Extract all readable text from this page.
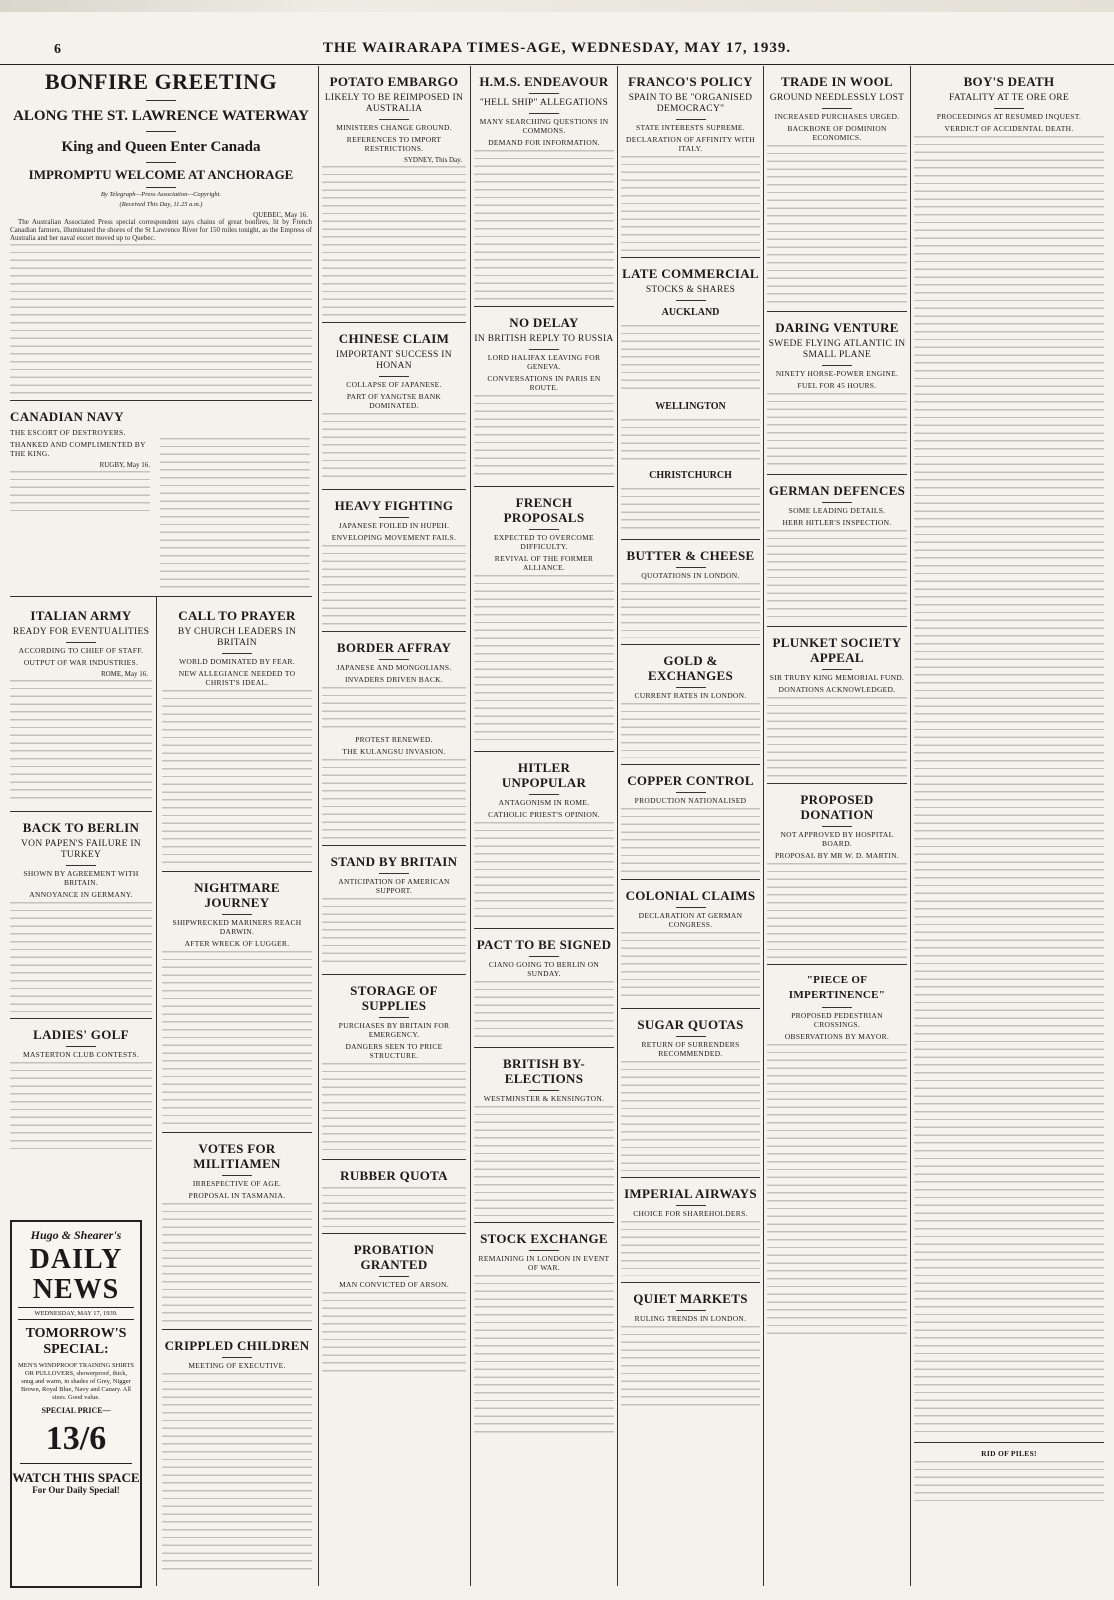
6	THE WAIRARAPA TIMES-AGE, WEDNESDAY, MAY 17, 1939.
BONFIRE GREETING
ALONG THE ST. LAWRENCE WATERWAY
King and Queen Enter Canada
IMPROMPTU WELCOME AT ANCHORAGE
By Telegraph—Press Association—Copyright.
(Received This Day, 11.25 a.m.)
QUEBEC, May 16.

The Australian Associated Press special correspondent says chains of great bonfires, lit by French Canadian farmers, illuminated the shores of the St Lawrence River for 150 miles tonight, as the Empress of Australia and her naval escort moved up to Quebec.

CANADIAN NAVY
THE ESCORT OF DESTROYERS.
THANKED AND COMPLIMENTED BY THE KING.
RUGBY, May 16.
ITALIAN ARMY
READY FOR EVENTUALITIES
ACCORDING TO CHIEF OF STAFF.
OUTPUT OF WAR INDUSTRIES.
ROME, May 16.
BACK TO BERLIN
VON PAPEN'S FAILURE IN TURKEY
SHOWN BY AGREEMENT WITH BRITAIN.
ANNOYANCE IN GERMANY.
LADIES' GOLF
MASTERTON CLUB CONTESTS.
Hugo & Shearer's
DAILY NEWS
WEDNESDAY, MAY 17, 1939.
TOMORROW'S SPECIAL:
MEN'S WINDPROOF TRAINING SHIRTS OR PULLOVERS, showerproof, thick, snug and warm, in shades of Grey, Nigger Brown, Royal Blue, Navy and Canary. All sizes. Good value.
SPECIAL PRICE—
13/6
WATCH THIS SPACE
For Our Daily Special!
CALL TO PRAYER
BY CHURCH LEADERS IN BRITAIN
WORLD DOMINATED BY FEAR.
NEW ALLEGIANCE NEEDED TO CHRIST'S IDEAL.
NIGHTMARE JOURNEY
SHIPWRECKED MARINERS REACH DARWIN.
AFTER WRECK OF LUGGER.
VOTES FOR MILITIAMEN
IRRESPECTIVE OF AGE.
PROPOSAL IN TASMANIA.
CRIPPLED CHILDREN
MEETING OF EXECUTIVE.
POTATO EMBARGO
LIKELY TO BE REIMPOSED IN AUSTRALIA
MINISTERS CHANGE GROUND.
REFERENCES TO IMPORT RESTRICTIONS.
SYDNEY, This Day.
CHINESE CLAIM
IMPORTANT SUCCESS IN HONAN
COLLAPSE OF JAPANESE.
PART OF YANGTSE BANK DOMINATED.
HEAVY FIGHTING
JAPANESE FOILED IN HUPEH.
ENVELOPING MOVEMENT FAILS.
BORDER AFFRAY
JAPANESE AND MONGOLIANS.
INVADERS DRIVEN BACK.
PROTEST RENEWED.
THE KULANGSU INVASION.
STAND BY BRITAIN
ANTICIPATION OF AMERICAN SUPPORT.
STORAGE OF SUPPLIES
PURCHASES BY BRITAIN FOR EMERGENCY.
DANGERS SEEN TO PRICE STRUCTURE.
RUBBER QUOTA
PROBATION GRANTED
MAN CONVICTED OF ARSON.
H.M.S. ENDEAVOUR
"HELL SHIP" ALLEGATIONS
MANY SEARCHING QUESTIONS IN COMMONS.
DEMAND FOR INFORMATION.
NO DELAY
IN BRITISH REPLY TO RUSSIA
LORD HALIFAX LEAVING FOR GENEVA.
CONVERSATIONS IN PARIS EN ROUTE.
FRENCH PROPOSALS
EXPECTED TO OVERCOME DIFFICULTY.
REVIVAL OF THE FORMER ALLIANCE.
HITLER UNPOPULAR
ANTAGONISM IN ROME.
CATHOLIC PRIEST'S OPINION.
PACT TO BE SIGNED
CIANO GOING TO BERLIN ON SUNDAY.
BRITISH BY-ELECTIONS
WESTMINSTER & KENSINGTON.
STOCK EXCHANGE
REMAINING IN LONDON IN EVENT OF WAR.
FRANCO'S POLICY
SPAIN TO BE "ORGANISED DEMOCRACY"
STATE INTERESTS SUPREME.
DECLARATION OF AFFINITY WITH ITALY.
LATE COMMERCIAL
STOCKS & SHARES
AUCKLAND
WELLINGTON
CHRISTCHURCH
BUTTER & CHEESE
QUOTATIONS IN LONDON.
GOLD & EXCHANGES
CURRENT RATES IN LONDON.
COPPER CONTROL
PRODUCTION NATIONALISED
COLONIAL CLAIMS
DECLARATION AT GERMAN CONGRESS.
SUGAR QUOTAS
RETURN OF SURRENDERS RECOMMENDED.
IMPERIAL AIRWAYS
CHOICE FOR SHAREHOLDERS.
QUIET MARKETS
RULING TRENDS IN LONDON.
TRADE IN WOOL
GROUND NEEDLESSLY LOST
INCREASED PURCHASES URGED.
BACKBONE OF DOMINION ECONOMICS.
DARING VENTURE
SWEDE FLYING ATLANTIC IN SMALL PLANE
NINETY HORSE-POWER ENGINE.
FUEL FOR 45 HOURS.
GERMAN DEFENCES
SOME LEADING DETAILS.
HERR HITLER'S INSPECTION.
PLUNKET SOCIETY APPEAL
SIR TRUBY KING MEMORIAL FUND.
DONATIONS ACKNOWLEDGED.
PROPOSED DONATION
NOT APPROVED BY HOSPITAL BOARD.
PROPOSAL BY MR W. D. MARTIN.
"PIECE OF IMPERTINENCE"
PROPOSED PEDESTRIAN CROSSINGS.
OBSERVATIONS BY MAYOR.
BOY'S DEATH
FATALITY AT TE ORE ORE
PROCEEDINGS AT RESUMED INQUEST.
VERDICT OF ACCIDENTAL DEATH.
RID OF PILES!
